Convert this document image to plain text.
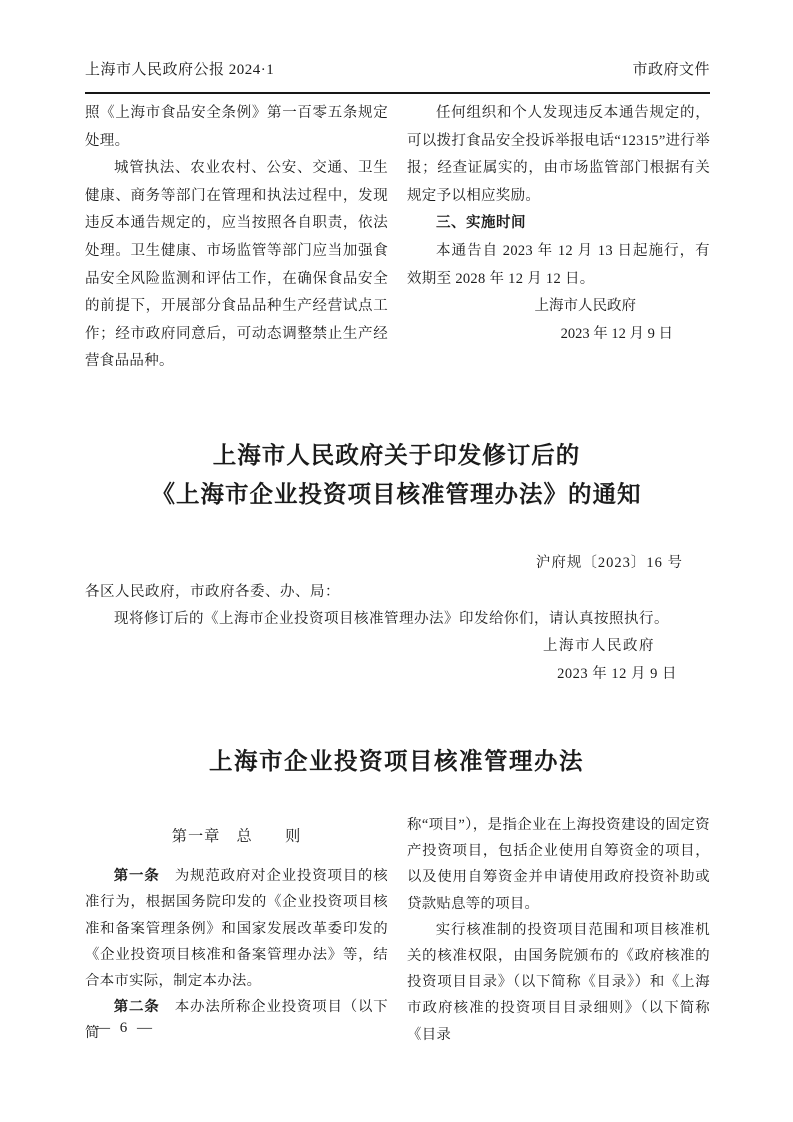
上海市人民政府公报 2024·1	市政府文件

照《上海市食品安全条例》第一百零五条规定处理。

城管执法、农业农村、公安、交通、卫生健康、商务等部门在管理和执法过程中，发现违反本通告规定的，应当按照各自职责，依法处理。卫生健康、市场监管等部门应当加强食品安全风险监测和评估工作，在确保食品安全的前提下，开展部分食品品种生产经营试点工作；经市政府同意后，可动态调整禁止生产经营食品品种。

任何组织和个人发现违反本通告规定的，可以拨打食品安全投诉举报电话“12315”进行举报；经查证属实的，由市场监管部门根据有关规定予以相应奖励。

三、实施时间

本通告自 2023 年 12 月 13 日起施行，有效期至 2028 年 12 月 12 日。

上海市人民政府

2023 年 12 月 9 日

上海市人民政府关于印发修订后的
《上海市企业投资项目核准管理办法》的通知
沪府规〔2023〕16 号
各区人民政府，市政府各委、办、局：
现将修订后的《上海市企业投资项目核准管理办法》印发给你们，请认真按照执行。
上海市人民政府
2023 年 12 月 9 日
上海市企业投资项目核准管理办法
第一章　总　　则

第一条　为规范政府对企业投资项目的核准行为，根据国务院印发的《企业投资项目核准和备案管理条例》和国家发展改革委印发的《企业投资项目核准和备案管理办法》等，结合本市实际，制定本办法。

第二条　本办法所称企业投资项目（以下简

称“项目”），是指企业在上海投资建设的固定资产投资项目，包括企业使用自筹资金的项目，以及使用自筹资金并申请使用政府投资补助或贷款贴息等的项目。

实行核准制的投资项目范围和项目核准机关的核准权限，由国务院颁布的《政府核准的投资项目目录》（以下简称《目录》）和《上海市政府核准的投资项目目录细则》（以下简称《目录

— 6 —
